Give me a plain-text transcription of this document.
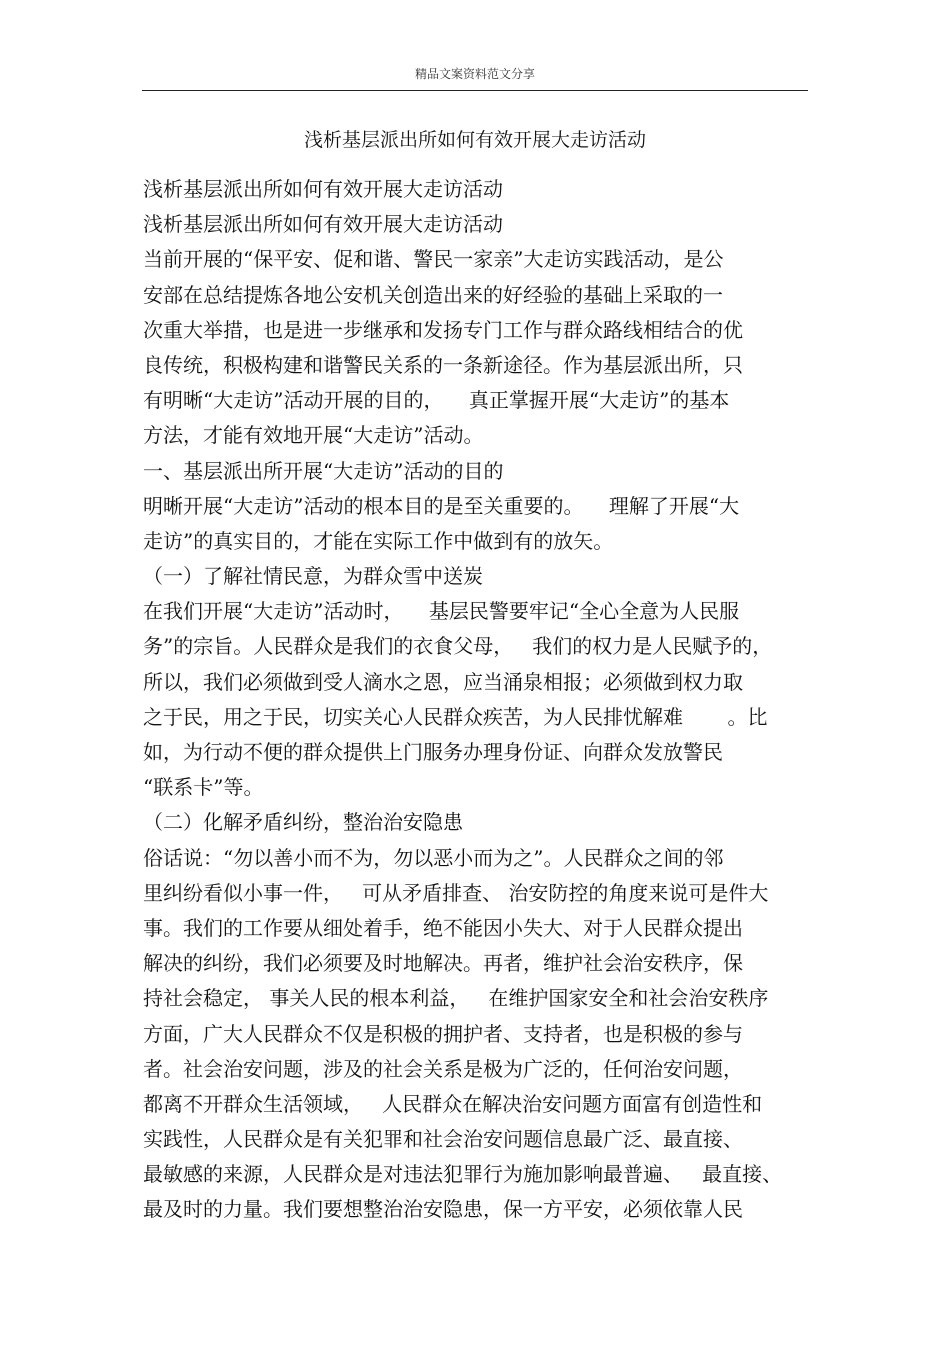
精品文案资料范文分享
浅析基层派出所如何有效开展大走访活动
浅析基层派出所如何有效开展大走访活动
浅析基层派出所如何有效开展大走访活动
当前开展的“保平安、促和谐、警民一家亲”大走访实践活动，是公
安部在总结提炼各地公安机关创造出来的好经验的基础上采取的一
次重大举措，也是进一步继承和发扬专门工作与群众路线相结合的优
良传统，积极构建和谐警民关系的一条新途径。作为基层派出所，只
有明晰“大走访”活动开展的目的，    真正掌握开展“大走访”的基本
方法，才能有效地开展“大走访”活动。
一、基层派出所开展“大走访”活动的目的
明晰开展“大走访”活动的根本目的是至关重要的。    理解了开展“大
走访”的真实目的，才能在实际工作中做到有的放矢。
（一）了解社情民意，为群众雪中送炭
在我们开展“大走访”活动时，    基层民警要牢记“全心全意为人民服
务”的宗旨。人民群众是我们的衣食父母，   我们的权力是人民赋予的，
所以，我们必须做到受人滴水之恩，应当涌泉相报；必须做到权力取
之于民，用之于民，切实关心人民群众疾苦，为人民排忧解难       。比
如，为行动不便的群众提供上门服务办理身份证、向群众发放警民
“联系卡”等。
（二）化解矛盾纠纷，整治治安隐患
俗话说：“勿以善小而不为，勿以恶小而为之”。人民群众之间的邻
里纠纷看似小事一件，   可从矛盾排查、 治安防控的角度来说可是件大
事。我们的工作要从细处着手，绝不能因小失大、对于人民群众提出
解决的纠纷，我们必须要及时地解决。再者，维护社会治安秩序，保
持社会稳定， 事关人民的根本利益，   在维护国家安全和社会治安秩序
方面，广大人民群众不仅是积极的拥护者、支持者，也是积极的参与
者。社会治安问题，涉及的社会关系是极为广泛的，任何治安问题，
都离不开群众生活领域，   人民群众在解决治安问题方面富有创造性和
实践性，人民群众是有关犯罪和社会治安问题信息最广泛、最直接、
最敏感的来源，人民群众是对违法犯罪行为施加影响最普遍、   最直接、
最及时的力量。我们要想整治治安隐患，保一方平安，必须依靠人民
